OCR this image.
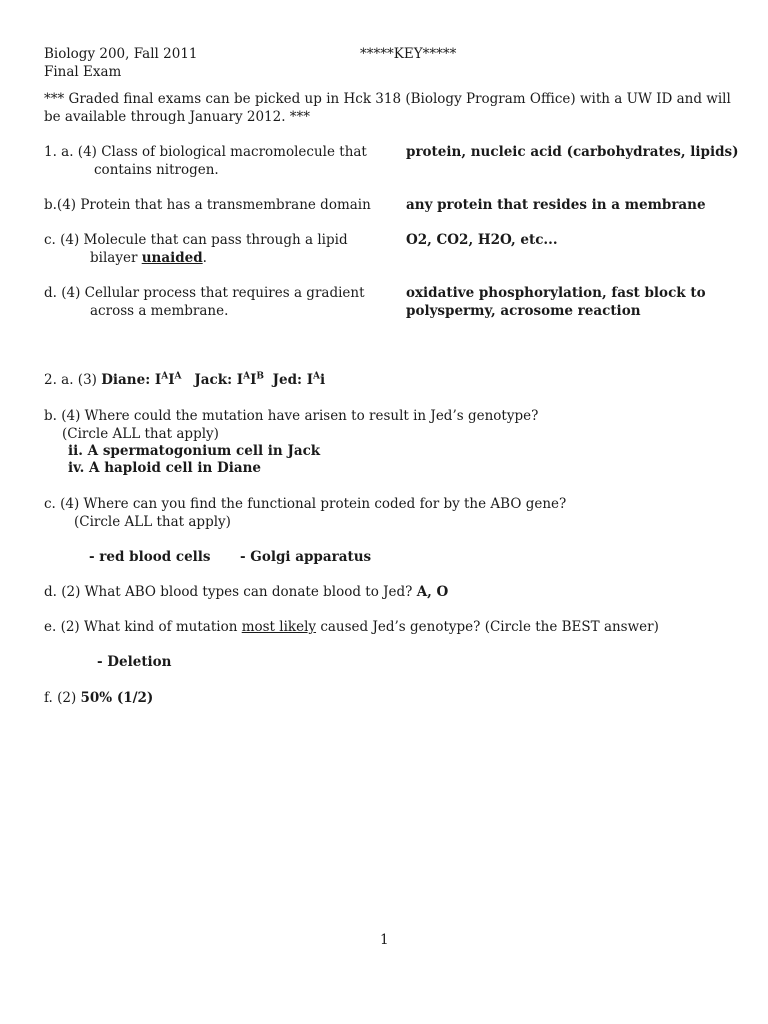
Biology 200, Fall 2011	*****KEY*****
Final Exam
*** Graded final exams can be picked up in Hck 318 (Biology Program Office) with a UW ID and will
be available through January 2012. ***
1. a. (4) Class of biological macromolecule that
contains nitrogen.
protein, nucleic acid (carbohydrates, lipids)
b.(4) Protein that has a transmembrane domain	any protein that resides in a membrane
c. (4) Molecule that can pass through a lipid
bilayer unaided.
O2, CO2, H2O, etc...
d. (4) Cellular process that requires a gradient
across a membrane.
oxidative phosphorylation, fast block to
polyspermy, acrosome reaction
2. a. (3) Diane: $I^AI^A$ Jack: $I^AI^B$ Jed: $I^Ai$
b. (4) Where could the mutation have arisen to result in Jed’s genotype?
(Circle ALL that apply)
ii. A spermatogonium cell in Jack
iv. A haploid cell in Diane
c. (4) Where can you find the functional protein coded for by the ABO gene?
(Circle ALL that apply)
- red blood cells - Golgi apparatus
d. (2) What ABO blood types can donate blood to Jed? A, O
e. (2) What kind of mutation most likely caused Jed’s genotype? (Circle the BEST answer)
- Deletion
f. (2) 50% (1/2)
1
